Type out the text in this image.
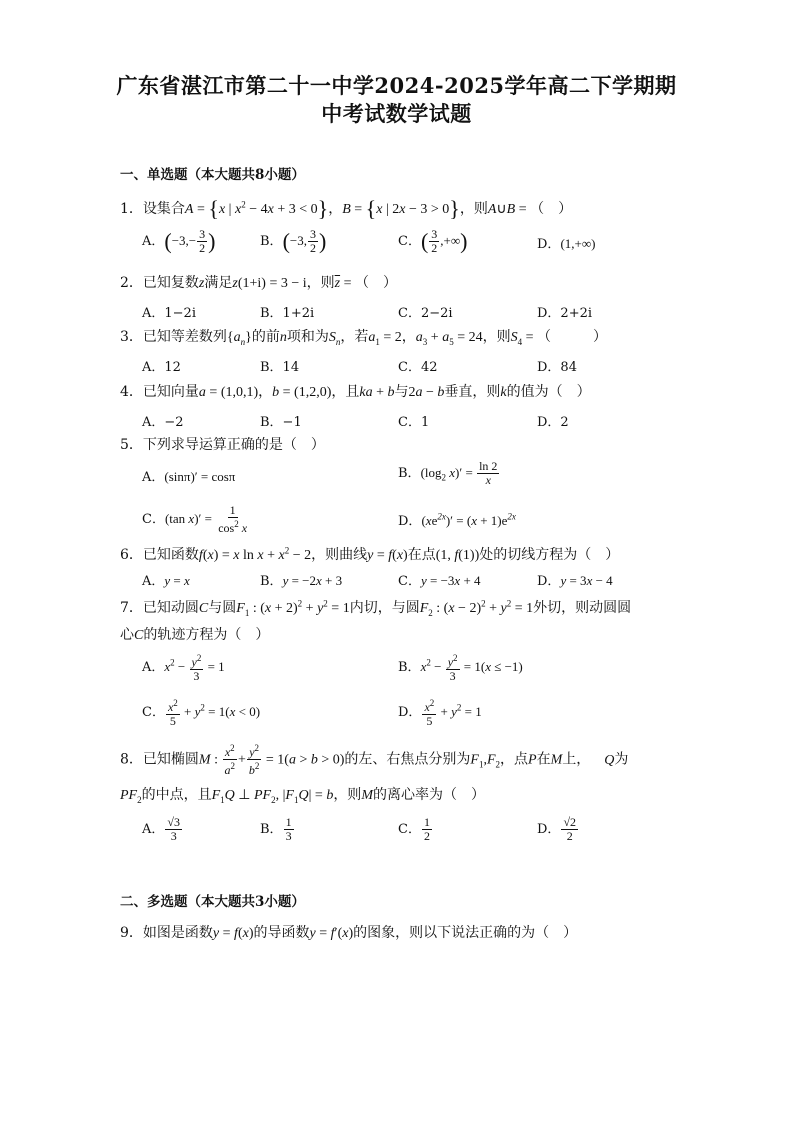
广东省湛江市第二十一中学2024-2025学年高二下学期期
中考试数学试题
一、单选题（本大题共8小题）
1．设集合A = {x | $x^2 - 4x + 3 < 0$}，B = {x | 2x − 3 > 0}，则A∪B = （　）
A．($-3,- \frac{3}{2}$ )	B．(−3, $\frac{3}{2}$ )	C．( $\frac{3}{2}$ ,+∞)	D．(1,+∞)
2．已知复数z满足z(1+i) = 3 − i，则$\overline{z}$ = （　）
A．1−2i	B．1+2i	C．2−2i	D．2+2i
3．已知等差数列$\{a_n\}$的前n项和为$S_n$，若$a_1 = 2$，$a_3 + a_5 = 24$，则$S_4$ = （　　　）
A．12	B．14	C．42	D．84
4．已知向量a = (1,0,1)，b = (1,2,0)，且ka + b与2a − b垂直，则k的值为（　）
A．−2	B．−1	C．1	D．2
5．下列求导运算正确的是（　）
A．(sinπ)′ = cosπ	B．($\log_2$ $x)' = \frac{\ln 2}{x}$
C．(tan $x)' = \frac{1}{\cos^2 x}$	D．$(xe^{2x})' = (x + 1)e^{2x}$
6．已知函数f(x) = x $\ln x + x^2 - 2$，则曲线y = f(x)在点(1, f(1))处的切线方程为（　）
A．y = x	B．y = −2x + 3	C．y = −3x + 4	D．y = 3x − 4
7．已知动圆C与圆$F_1$ : $(x + 2)^2 + y^2 = 1$内切，与圆$F_2$ : $(x - 2)^2 + y^2 = 1$外切，则动圆圆
心C的轨迹方程为（　）
A．$x^2 - \frac{y^2}{3} = 1$	B．$x^2 - \frac{y^2}{3} = 1(x \le -1)$
C． $\frac{x^2}{5} + y^2 = 1(x < 0)$	D． $\frac{x^2}{5} + y^2 = 1$
8．已知椭圆M : $\frac{x^2}{a^2} + \frac{y^2}{b^2} = 1(a > b > 0)$的左、右焦点分别为$F_1,F_2$，点P在M上， Q为
$PF_2$的中点，且$F_1Q$ ⊥ $PF_2$, $|F_1Q| = b$，则M的离心率为（　）
A． $\frac{√3}{3}$	B． $\frac{1}{3}$	C． $\frac{1}{2}$	D． $\frac{√2}{2}$
二、多选题（本大题共3小题）
9．如图是函数y = f(x)的导函数y = f′(x)的图象，则以下说法正确的为（　）
